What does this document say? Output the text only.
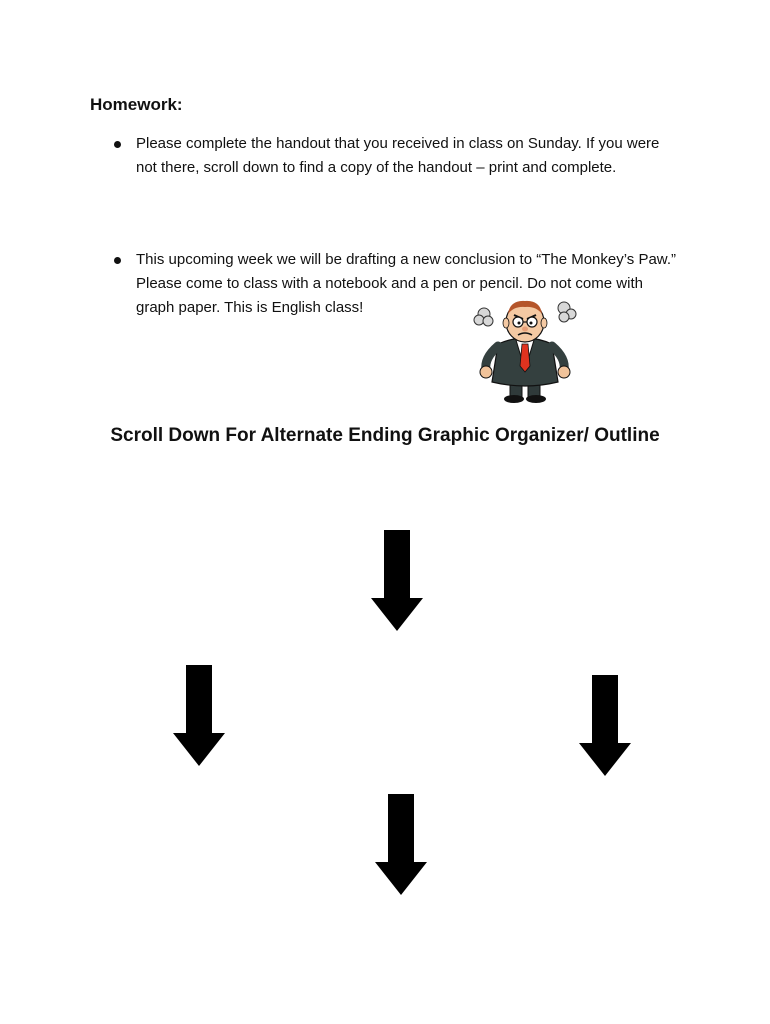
Homework:
Please complete the handout that you received in class on Sunday. If you were not there, scroll down to find a copy of the handout – print and complete.
This upcoming week we will be drafting a new conclusion to “The Monkey’s Paw.” Please come to class with a notebook and a pen or pencil. Do not come with graph paper. This is English class!
Scroll Down For Alternate Ending Graphic Organizer/ Outline
